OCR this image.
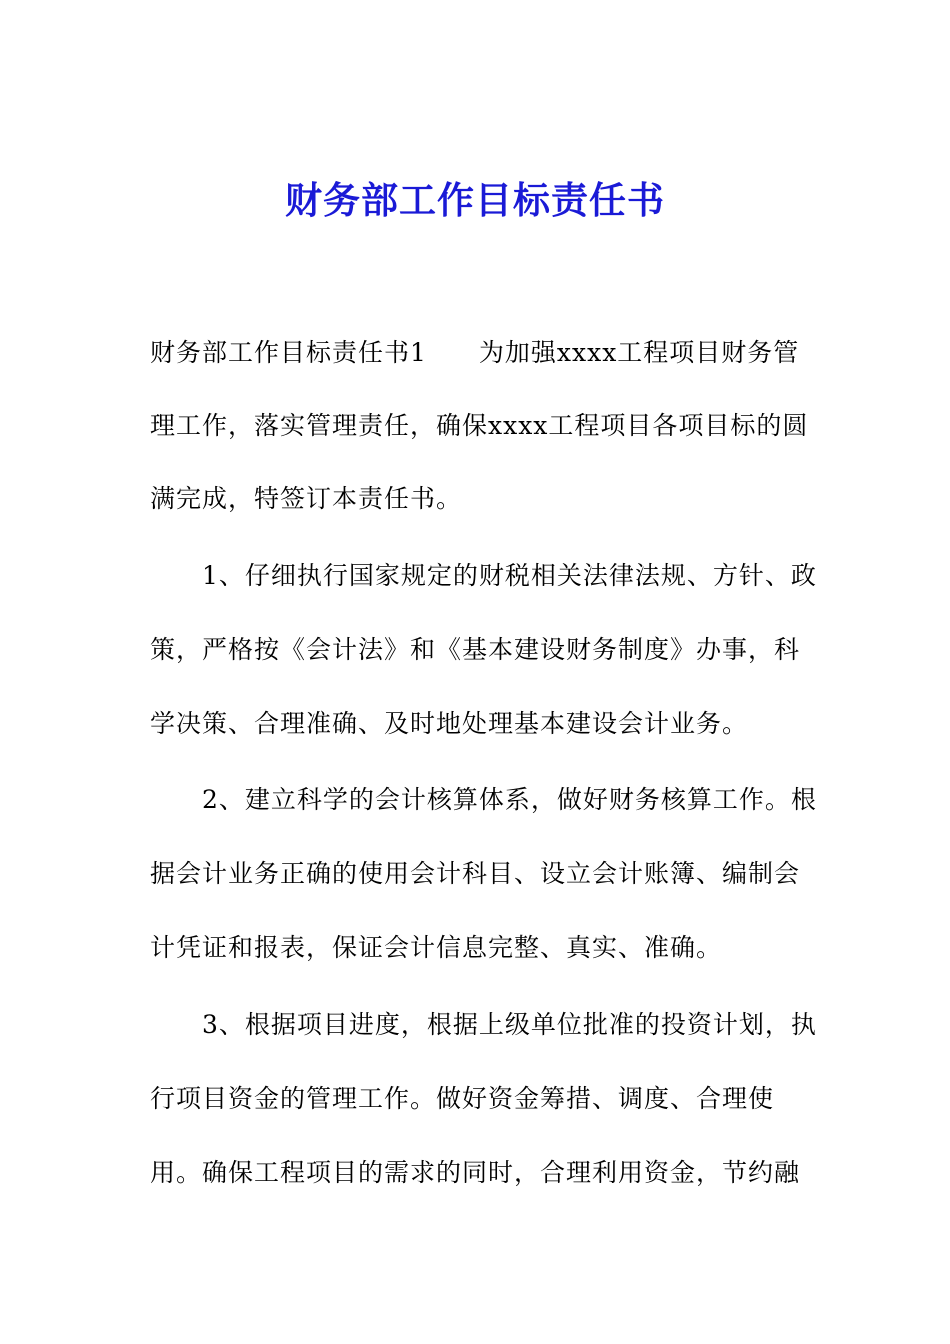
财务部工作目标责任书
财务部工作目标责任书1　　为加强xxxx工程项目财务管
理工作，落实管理责任，确保xxxx工程项目各项目标的圆
满完成，特签订本责任书。
1、仔细执行国家规定的财税相关法律法规、方针、政
策，严格按《会计法》和《基本建设财务制度》办事，科
学决策、合理准确、及时地处理基本建设会计业务。
2、建立科学的会计核算体系，做好财务核算工作。根
据会计业务正确的使用会计科目、设立会计账簿、编制会
计凭证和报表，保证会计信息完整、真实、准确。
3、根据项目进度，根据上级单位批准的投资计划，执
行项目资金的管理工作。做好资金筹措、调度、合理使
用。确保工程项目的需求的同时，合理利用资金，节约融
